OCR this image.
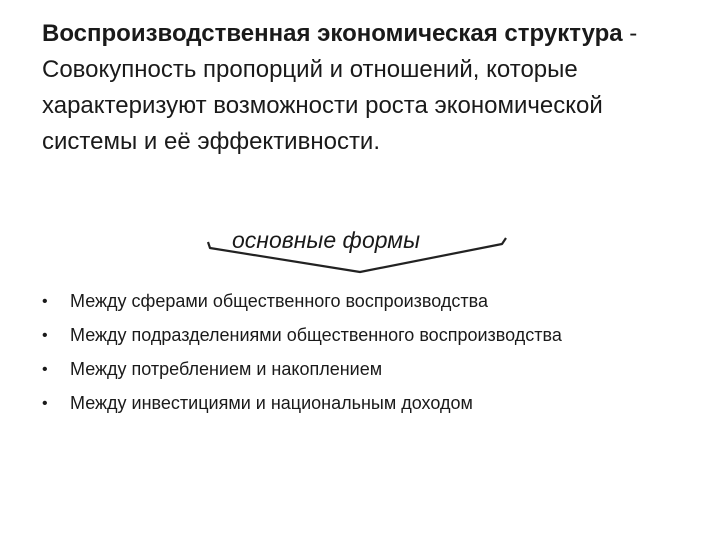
Воспроизводственная экономическая структура - Совокупность пропорций и отношений, которые характеризуют возможности роста экономической системы и её эффективности.

основные формы
• Между сферами общественного воспроизводства
• Между подразделениями общественного воспроизводства
• Между потреблением и накоплением
• Между инвестициями и национальным доходом
